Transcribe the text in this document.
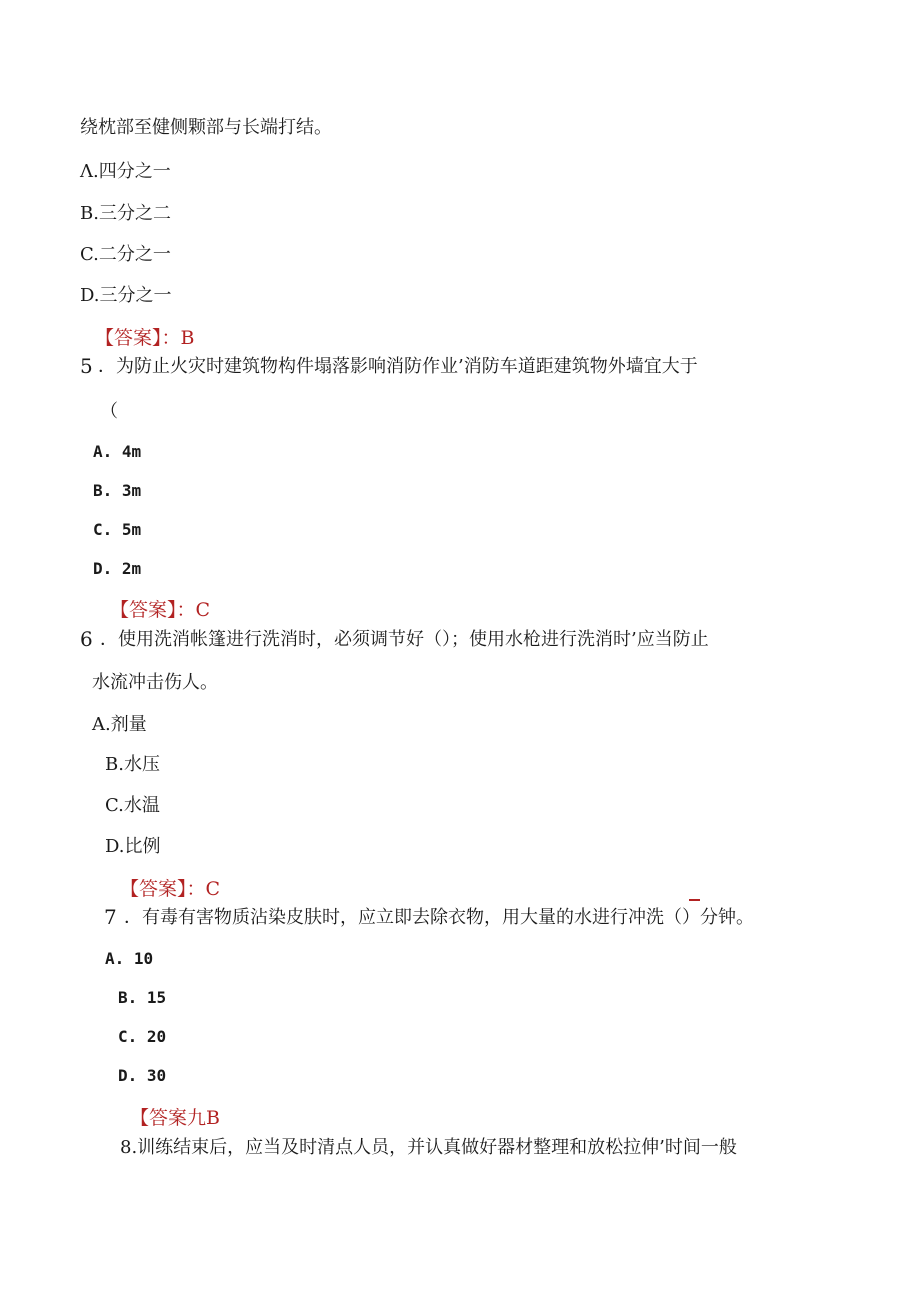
绕枕部至健侧颗部与长端打结。
Λ.四分之一
B.三分之二
C.二分之一
D.三分之一
【答案】：B
5 ．为防止火灾时建筑物构件塌落影响消防作业’消防车道距建筑物外墙宜大于
（
A. 4m
B. 3m
C. 5m
D. 2m
【答案】：C
6 ．使用洗消帐篷进行洗消时，必须调节好（）；使用水枪进行洗消时’应当防止
水流冲击伤人。
A.剂量
B.水压
C.水温
D.比例
【答案】：C
7 ．有毒有害物质沾染皮肤时，应立即去除衣物，用大量的水进行冲洗（）分钟。
A. 10
B. 15
C. 20
D. 30
【答案九B
8.训练结束后，应当及时清点人员，并认真做好器材整理和放松拉伸’时间一般
